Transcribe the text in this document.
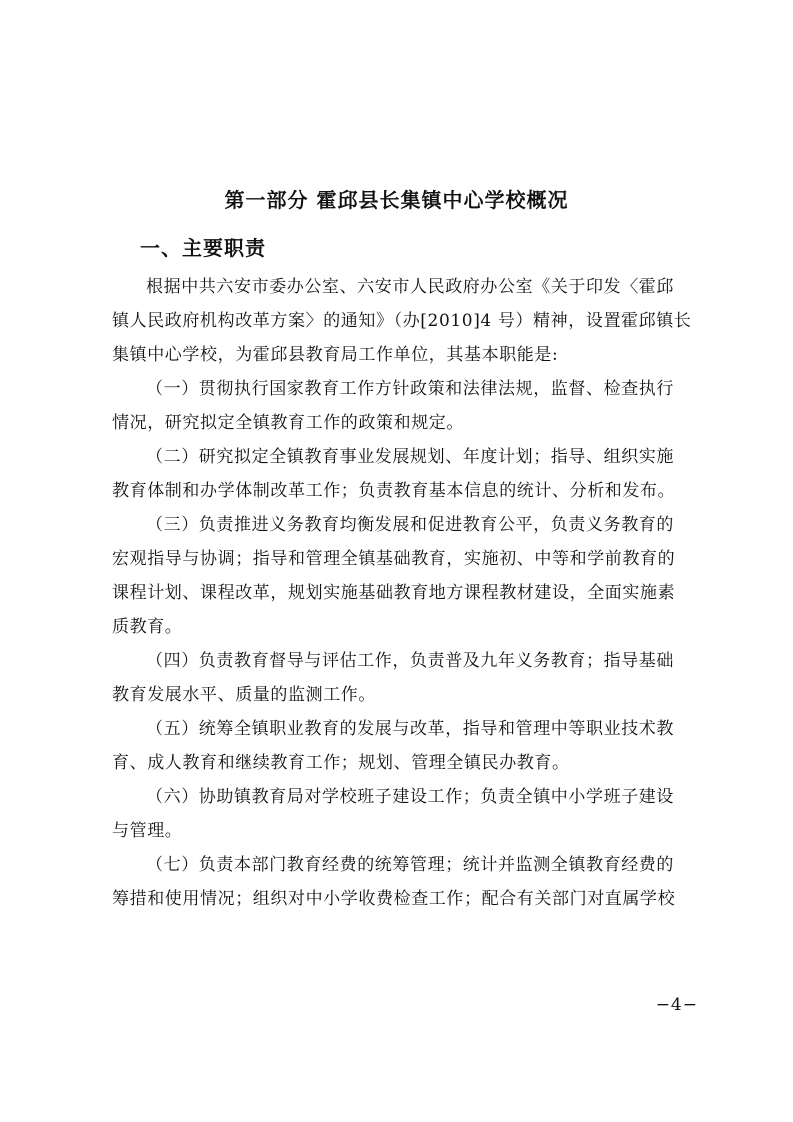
第一部分 霍邱县长集镇中心学校概况
一、主要职责

根据中共六安市委办公室、六安市人民政府办公室《关于印发〈霍邱
镇人民政府机构改革方案〉的通知》（办[2010]4 号）精神，设置霍邱镇长
集镇中心学校，为霍邱县教育局工作单位，其基本职能是:

（一）贯彻执行国家教育工作方针政策和法律法规，监督、检查执行
情况，研究拟定全镇教育工作的政策和规定。

（二）研究拟定全镇教育事业发展规划、年度计划；指导、组织实施
教育体制和办学体制改革工作；负责教育基本信息的统计、分析和发布。

（三）负责推进义务教育均衡发展和促进教育公平，负责义务教育的
宏观指导与协调；指导和管理全镇基础教育，实施初、中等和学前教育的
课程计划、课程改革，规划实施基础教育地方课程教材建设，全面实施素
质教育。

（四）负责教育督导与评估工作，负责普及九年义务教育；指导基础
教育发展水平、质量的监测工作。

（五）统筹全镇职业教育的发展与改革，指导和管理中等职业技术教
育、成人教育和继续教育工作；规划、管理全镇民办教育。

（六）协助镇教育局对学校班子建设工作；负责全镇中小学班子建设
与管理。

（七）负责本部门教育经费的统筹管理；统计并监测全镇教育经费的
筹措和使用情况；组织对中小学收费检查工作；配合有关部门对直属学校

−4−
